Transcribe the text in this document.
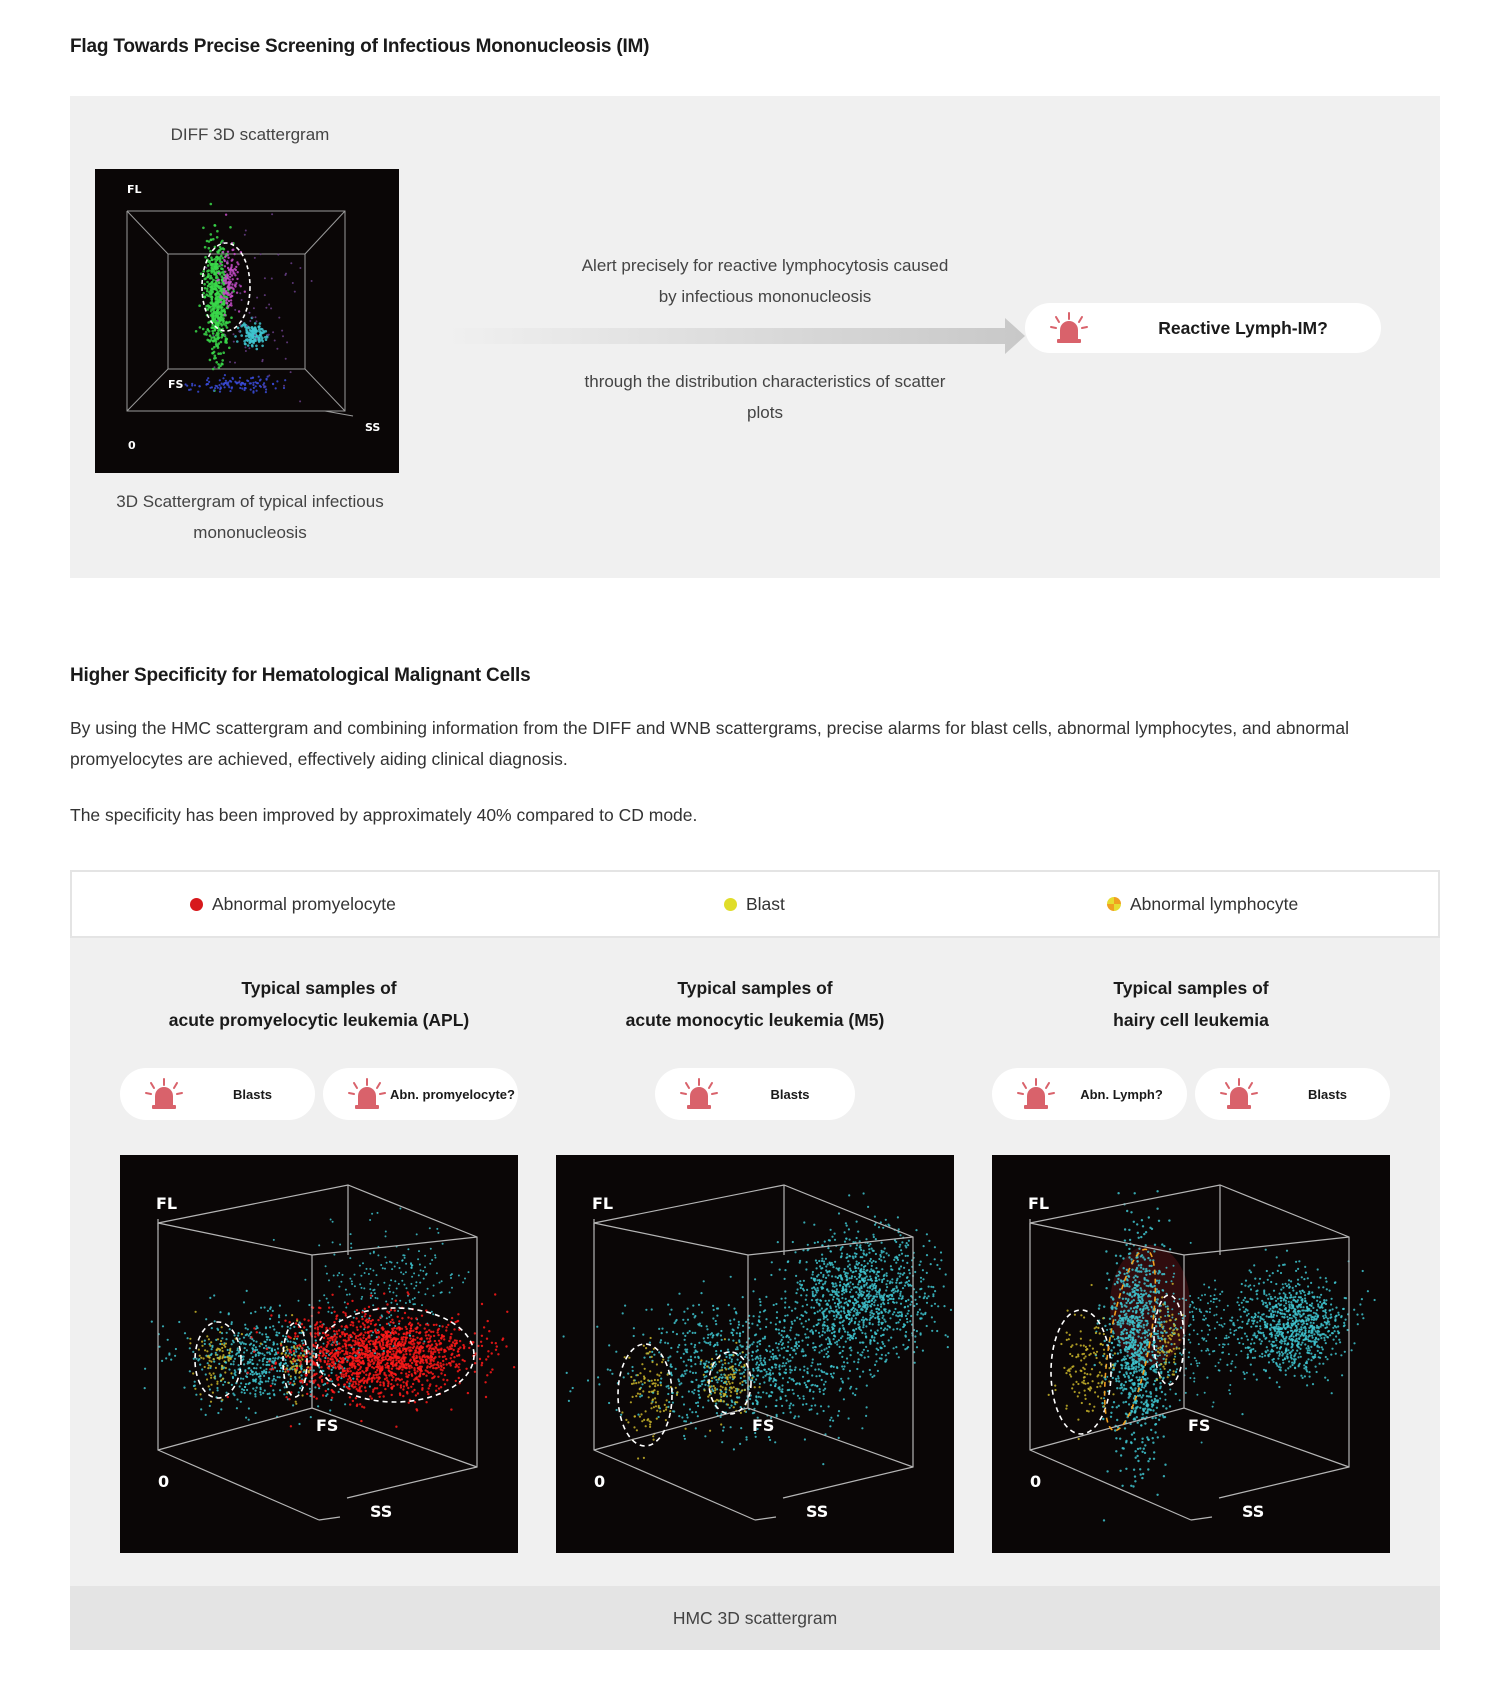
Flag Towards Precise Screening of Infectious Mononucleosis (IM)
DIFF 3D scattergram
FL
FS
SS
0
3D Scattergram of typical infectious
mononucleosis
Alert precisely for reactive lymphocytosis caused
by infectious mononucleosis
through the distribution characteristics of scatter
plots
Reactive Lymph-IM?
Higher Specificity for Hematological Malignant Cells

By using the HMC scattergram and combining information from the DIFF and WNB scattergrams, precise alarms for blast cells, abnormal lymphocytes, and abnormal promyelocytes are achieved, effectively aiding clinical diagnosis.

The specificity has been improved by approximately 40% compared to CD mode.

Abnormal promyelocyte	Blast	Abnormal lymphocyte
Typical samples of
acute promyelocytic leukemia (APL)
Blasts	Abn. promyelocyte?
FL
FS
SS
0
Typical samples of
acute monocytic leukemia (M5)
Blasts
FL
FS
SS
0
Typical samples of
hairy cell leukemia
Abn. Lymph?	Blasts
FL
FS
SS
0
HMC 3D scattergram
